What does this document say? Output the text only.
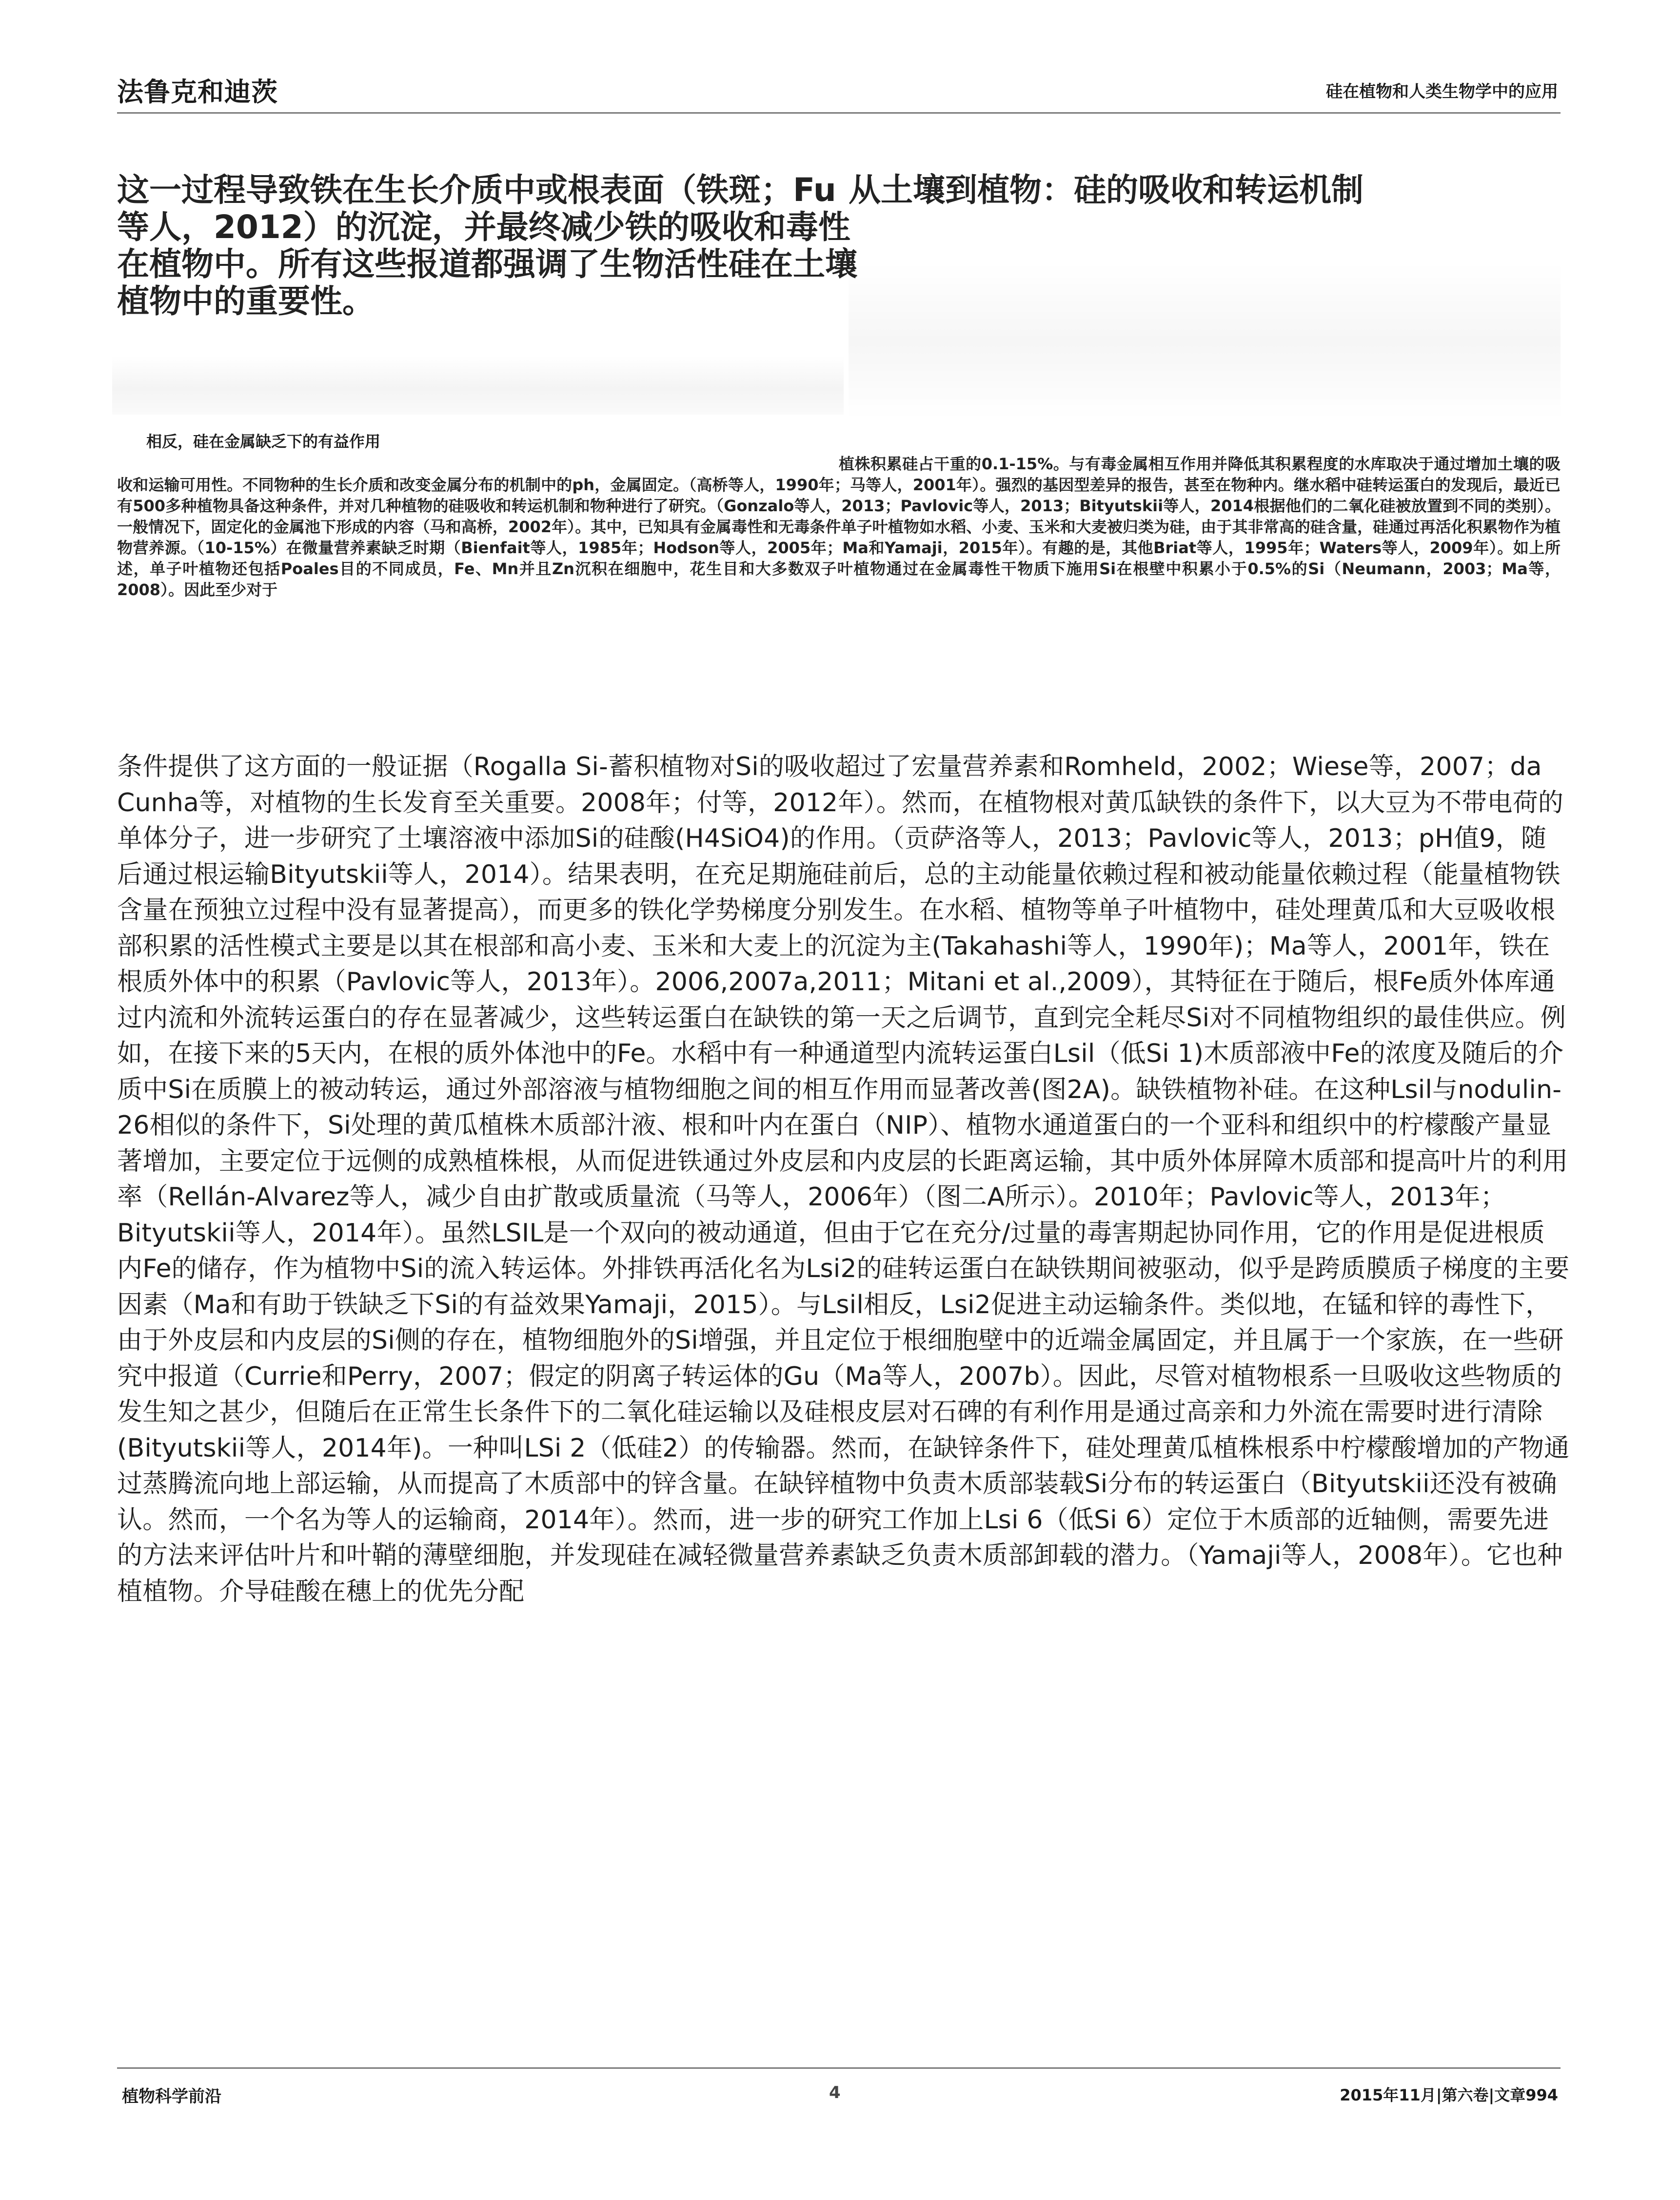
法鲁克和迪茨	硅在植物和人类生物学中的应用
这一过程导致铁在生长介质中或根表面（铁斑；Fu等人，2012）的沉淀，并最终减少铁的吸收和毒性在植物中。所有这些报道都强调了生物活性硅在土壤植物中的重要性。
从土壤到植物：硅的吸收和转运机制
相反，硅在金属缺乏下的有益作用
植株积累硅占干重的0.1-15%。与有毒金属相互作用并降低其积累程度的水库取决于通过增加土壤的吸收和运输可用性。不同物种的生长介质和改变金属分布的机制中的ph，金属固定。（高桥等人，1990年；马等人，2001年）。强烈的基因型差异的报告，甚至在物种内。继水稻中硅转运蛋白的发现后，最近已有500多种植物具备这种条件，并对几种植物的硅吸收和转运机制和物种进行了研究。（Gonzalo等人，2013；Pavlovic等人，2013；Bityutskii等人，2014根据他们的二氧化硅被放置到不同的类别）。一般情况下，固定化的金属池下形成的内容（马和高桥，2002年）。其中，已知具有金属毒性和无毒条件单子叶植物如水稻、小麦、玉米和大麦被归类为硅，由于其非常高的硅含量，硅通过再活化积累物作为植物营养源。（10-15%）在微量营养素缺乏时期（Bienfait等人，1985年；Hodson等人，2005年；Ma和Yamaji，2015年）。有趣的是，其他Briat等人，1995年；Waters等人，2009年）。如上所述，单子叶植物还包括Poales目的不同成员，Fe、Mn并且Zn沉积在细胞中，花生目和大多数双子叶植物通过在金属毒性干物质下施用Si在根壁中积累小于0.5%的Si（Neumann，2003；Ma等，2008）。因此至少对于
条件提供了这方面的一般证据（Rogalla Si-蓄积植物对Si的吸收超过了宏量营养素和Romheld，2002；Wiese等，2007；da Cunha等，对植物的生长发育至关重要。2008年；付等，2012年）。然而，在植物根对黄瓜缺铁的条件下，以大豆为不带电荷的单体分子，进一步研究了土壤溶液中添加Si的硅酸(H4SiO4)的作用。（贡萨洛等人，2013；Pavlovic等人，2013；pH值9，随后通过根运输Bityutskii等人，2014）。结果表明，在充足期施硅前后，总的主动能量依赖过程和被动能量依赖过程（能量植物铁含量在预独立过程中没有显著提高），而更多的铁化学势梯度分别发生。在水稻、植物等单子叶植物中，硅处理黄瓜和大豆吸收根部积累的活性模式主要是以其在根部和高小麦、玉米和大麦上的沉淀为主(Takahashi等人，1990年)；Ma等人，2001年，铁在根质外体中的积累（Pavlovic等人，2013年）。2006,2007a,2011；Mitani et al.,2009），其特征在于随后，根Fe质外体库通过内流和外流转运蛋白的存在显著减少，这些转运蛋白在缺铁的第一天之后调节，直到完全耗尽Si对不同植物组织的最佳供应。例如，在接下来的5天内，在根的质外体池中的Fe。水稻中有一种通道型内流转运蛋白Lsil（低Si 1)木质部液中Fe的浓度及随后的介质中Si在质膜上的被动转运，通过外部溶液与植物细胞之间的相互作用而显著改善(图2A)。缺铁植物补硅。在这种Lsil与nodulin-26相似的条件下，Si处理的黄瓜植株木质部汁液、根和叶内在蛋白（NIP）、植物水通道蛋白的一个亚科和组织中的柠檬酸产量显著增加，主要定位于远侧的成熟植株根，从而促进铁通过外皮层和内皮层的长距离运输，其中质外体屏障木质部和提高叶片的利用率（Rellán-Alvarez等人，减少自由扩散或质量流（马等人，2006年）（图二A所示）。2010年；Pavlovic等人，2013年；Bityutskii等人，2014年）。虽然LSIL是一个双向的被动通道，但由于它在充分/过量的毒害期起协同作用，它的作用是促进根质内Fe的储存，作为植物中Si的流入转运体。外排铁再活化名为Lsi2的硅转运蛋白在缺铁期间被驱动，似乎是跨质膜质子梯度的主要因素（Ma和有助于铁缺乏下Si的有益效果Yamaji，2015）。与Lsil相反，Lsi2促进主动运输条件。类似地，在锰和锌的毒性下，由于外皮层和内皮层的Si侧的存在，植物细胞外的Si增强，并且定位于根细胞壁中的近端金属固定，并且属于一个家族，在一些研究中报道（Currie和Perry，2007；假定的阴离子转运体的Gu（Ma等人，2007b）。因此，尽管对植物根系一旦吸收这些物质的发生知之甚少，但随后在正常生长条件下的二氧化硅运输以及硅根皮层对石碑的有利作用是通过高亲和力外流在需要时进行清除(Bityutskii等人，2014年)。一种叫LSi 2（低硅2）的传输器。然而，在缺锌条件下，硅处理黄瓜植株根系中柠檬酸增加的产物通过蒸腾流向地上部运输，从而提高了木质部中的锌含量。在缺锌植物中负责木质部装载Si分布的转运蛋白（Bityutskii还没有被确认。然而，一个名为等人的运输商，2014年）。然而，进一步的研究工作加上Lsi 6（低Si 6）定位于木质部的近轴侧，需要先进的方法来评估叶片和叶鞘的薄壁细胞，并发现硅在减轻微量营养素缺乏负责木质部卸载的潜力。（Yamaji等人，2008年）。它也种植植物。介导硅酸在穗上的优先分配
植物科学前沿	4	2015年11月|第六卷|文章994
